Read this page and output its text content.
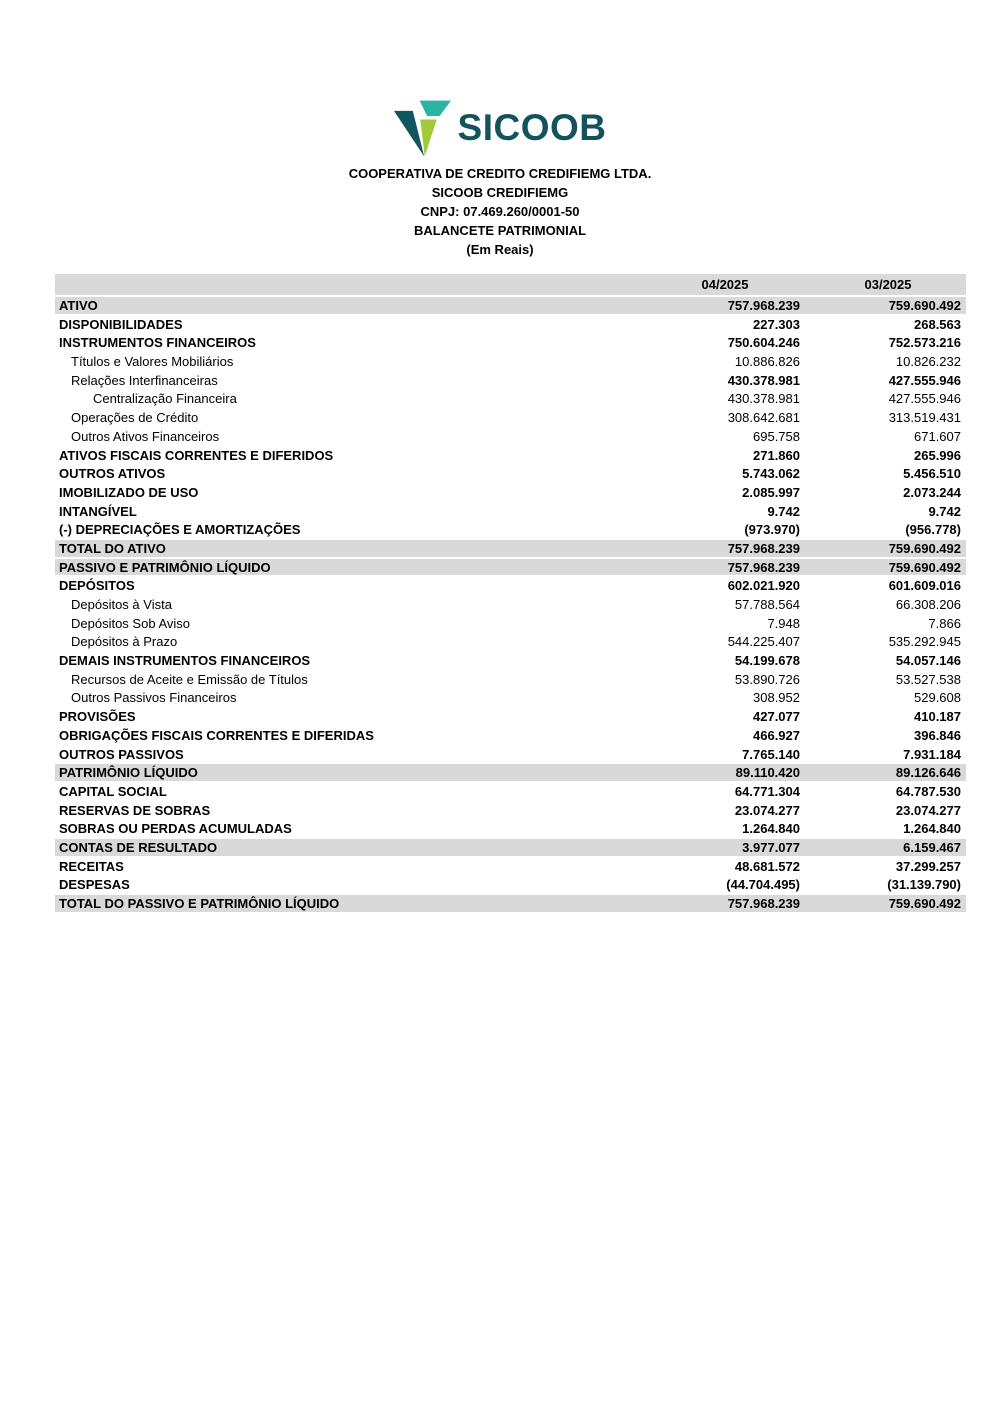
SICOOB
COOPERATIVA DE CREDITO CREDIFIEMG LTDA.
SICOOB CREDIFIEMG
CNPJ: 07.469.260/0001-50
BALANCETE PATRIMONIAL
(Em Reais)
04/2025	03/2025
ATIVO	757.968.239	759.690.492
DISPONIBILIDADES	227.303	268.563
INSTRUMENTOS FINANCEIROS	750.604.246	752.573.216
Títulos e Valores Mobiliários	10.886.826	10.826.232
Relações Interfinanceiras	430.378.981	427.555.946
Centralização Financeira	430.378.981	427.555.946
Operações de Crédito	308.642.681	313.519.431
Outros Ativos Financeiros	695.758	671.607
ATIVOS FISCAIS CORRENTES E DIFERIDOS	271.860	265.996
OUTROS ATIVOS	5.743.062	5.456.510
IMOBILIZADO DE USO	2.085.997	2.073.244
INTANGÍVEL	9.742	9.742
(-) DEPRECIAÇÕES E AMORTIZAÇÕES	(973.970)	(956.778)
TOTAL DO ATIVO	757.968.239	759.690.492
PASSIVO E PATRIMÔNIO LÍQUIDO	757.968.239	759.690.492
DEPÓSITOS	602.021.920	601.609.016
Depósitos à Vista	57.788.564	66.308.206
Depósitos Sob Aviso	7.948	7.866
Depósitos à Prazo	544.225.407	535.292.945
DEMAIS INSTRUMENTOS FINANCEIROS	54.199.678	54.057.146
Recursos de Aceite e Emissão de Títulos	53.890.726	53.527.538
Outros Passivos Financeiros	308.952	529.608
PROVISÕES	427.077	410.187
OBRIGAÇÕES FISCAIS CORRENTES E DIFERIDAS	466.927	396.846
OUTROS PASSIVOS	7.765.140	7.931.184
PATRIMÔNIO LÍQUIDO	89.110.420	89.126.646
CAPITAL SOCIAL	64.771.304	64.787.530
RESERVAS DE SOBRAS	23.074.277	23.074.277
SOBRAS OU PERDAS ACUMULADAS	1.264.840	1.264.840
CONTAS DE RESULTADO	3.977.077	6.159.467
RECEITAS	48.681.572	37.299.257
DESPESAS	(44.704.495)	(31.139.790)
TOTAL DO PASSIVO E PATRIMÔNIO LÍQUIDO	757.968.239	759.690.492
